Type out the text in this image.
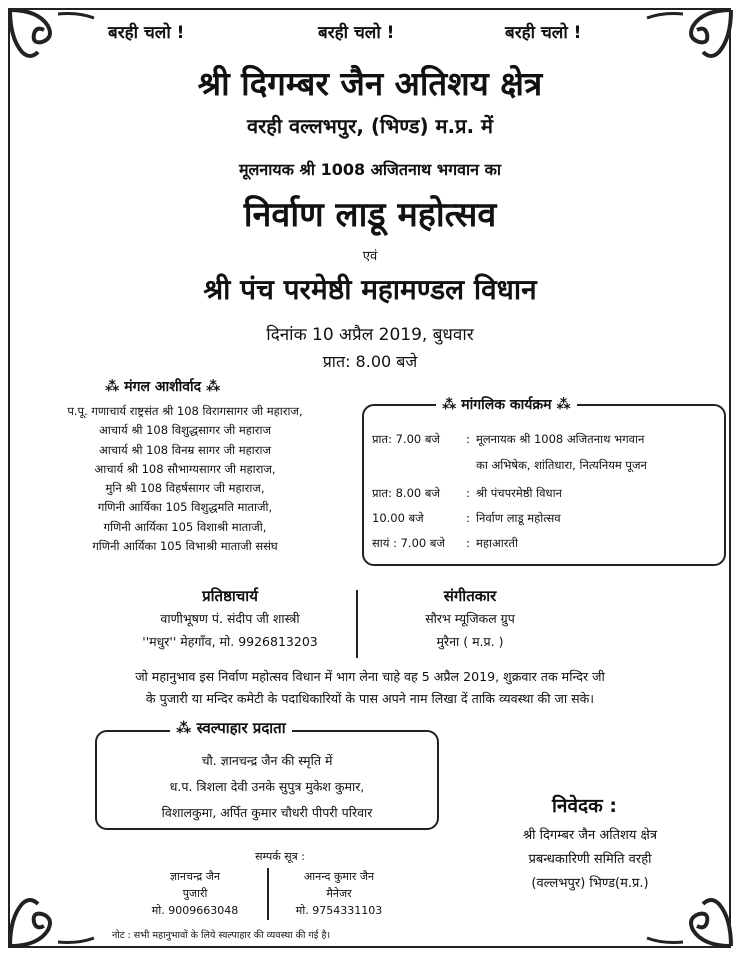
बरही चलो !	बरही चलो !	बरही चलो !
श्री दिगम्बर जैन अतिशय क्षेत्र
वरही वल्लभपुर, (भिण्ड) म.प्र. में
मूलनायक श्री 1008 अजितनाथ भगवान का
निर्वाण लाडू महोत्सव
एवं
श्री पंच परमेष्ठी महामण्डल विधान
दिनांक 10 अप्रैल 2019, बुधवार
प्रात: 8.00 बजे
⁂ मंगल आशीर्वाद ⁂
प.पू. गणाचार्य राष्ट्रसंत श्री 108 विरागसागर जी महाराज,
आचार्य श्री 108 विशुद्धसागर जी महाराज
आचार्य श्री 108 विनम्र सागर जी महाराज
आचार्य श्री 108 सौभाग्यसागर जी महाराज,
मुनि श्री 108 विहर्षसागर जी महाराज,
गणिनी आर्यिका 105 विशुद्धमति माताजी,
गणिनी आर्यिका 105 विशाश्री माताजी,
गणिनी आर्यिका 105 विभाश्री माताजी ससंघ
⁂ मांगलिक कार्यक्रम ⁂
प्रात: 7.00 बजे : मूलनायक श्री 1008 अजितनाथ भगवान
का अभिषेक, शांतिधारा, नित्यनियम पूजन
प्रात: 8.00 बजे : श्री पंचपरमेष्ठी विधान
10.00 बजे	: निर्वाण लाडू महोत्सव
सायं : 7.00 बजे : महाआरती
प्रतिष्ठाचार्य
वाणीभूषण पं. संदीप जी शास्त्री
''मधुर'' मेहगाँव, मो. 9926813203
संगीतकार
सौरभ म्यूजिकल ग्रुप
मुरैना ( म.प्र. )
जो महानुभाव इस निर्वाण महोत्सव विधान में भाग लेना चाहे वह 5 अप्रैल 2019, शुक्रवार तक मन्दिर जी
के पुजारी या मन्दिर कमेटी के पदाधिकारियों के पास अपने नाम लिखा दें ताकि व्यवस्था की जा सके।
⁂ स्वल्पाहार प्रदाता
चौ. ज्ञानचन्द्र जैन की स्मृति में
ध.प. त्रिशला देवी उनके सुपुत्र मुकेश कुमार,
विशालकुमा, अर्पित कुमार चौधरी पीपरी परिवार	निवेदक :
श्री दिगम्बर जैन अतिशय क्षेत्र
प्रबन्धकारिणी समिति वरही
(वल्लभपुर) भिण्ड(म.प्र.)
सम्पर्क सूत्र :
ज्ञानचन्द्र जैन
पुजारी
मो. 9009663048
आनन्द कुमार जैन
मैनेजर
मो. 9754331103
नोट : सभी महानुभावों के लिये स्वल्पाहार की व्यवस्था की गई है।
